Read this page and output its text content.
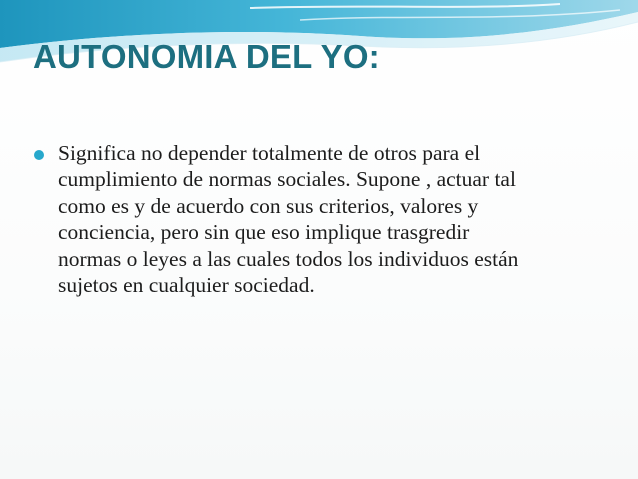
AUTONOMIA DEL YO:

Significa no depender totalmente de otros para el
cumplimiento de normas sociales. Supone , actuar tal
como es y de acuerdo con sus criterios, valores y
conciencia, pero sin que eso implique trasgredir
normas o leyes a las cuales todos los individuos están
sujetos en cualquier sociedad.
